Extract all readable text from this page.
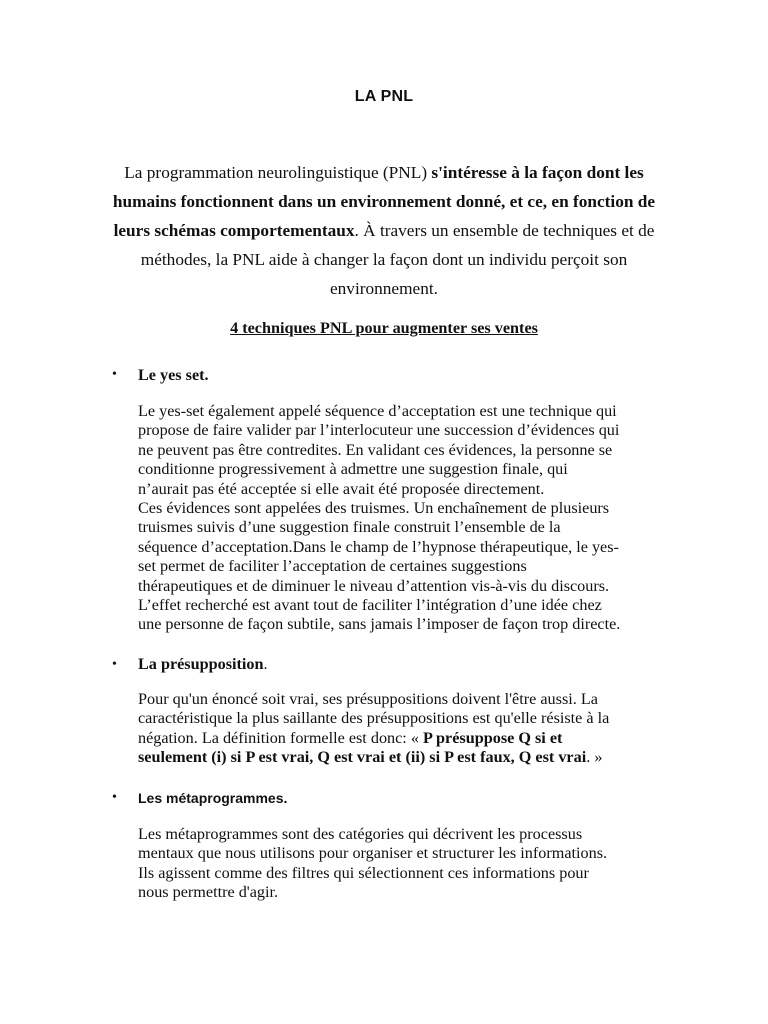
LA PNL
La programmation neurolinguistique (PNL) s'intéresse à la façon dont les
humains fonctionnent dans un environnement donné, et ce, en fonction de
leurs schémas comportementaux. À travers un ensemble de techniques et de
méthodes, la PNL aide à changer la façon dont un individu perçoit son
environnement.
4 techniques PNL pour augmenter ses ventes
• Le yes set.
Le yes-set également appelé séquence d’acceptation est une technique qui
propose de faire valider par l’interlocuteur une succession d’évidences qui
ne peuvent pas être contredites. En validant ces évidences, la personne se
conditionne progressivement à admettre une suggestion finale, qui
n’aurait pas été acceptée si elle avait été proposée directement.
Ces évidences sont appelées des truismes. Un enchaînement de plusieurs
truismes suivis d’une suggestion finale construit l’ensemble de la
séquence d’acceptation.Dans le champ de l’hypnose thérapeutique, le yes-
set permet de faciliter l’acceptation de certaines suggestions
thérapeutiques et de diminuer le niveau d’attention vis-à-vis du discours.
L’effet recherché est avant tout de faciliter l’intégration d’une idée chez
une personne de façon subtile, sans jamais l’imposer de façon trop directe.
• La présupposition.
Pour qu'un énoncé soit vrai, ses présuppositions doivent l'être aussi. La
caractéristique la plus saillante des présuppositions est qu'elle résiste à la
négation. La définition formelle est donc: « P présuppose Q si et
seulement (i) si P est vrai, Q est vrai et (ii) si P est faux, Q est vrai. »
• Les métaprogrammes.
Les métaprogrammes sont des catégories qui décrivent les processus
mentaux que nous utilisons pour organiser et structurer les informations.
Ils agissent comme des filtres qui sélectionnent ces informations pour
nous permettre d'agir.
